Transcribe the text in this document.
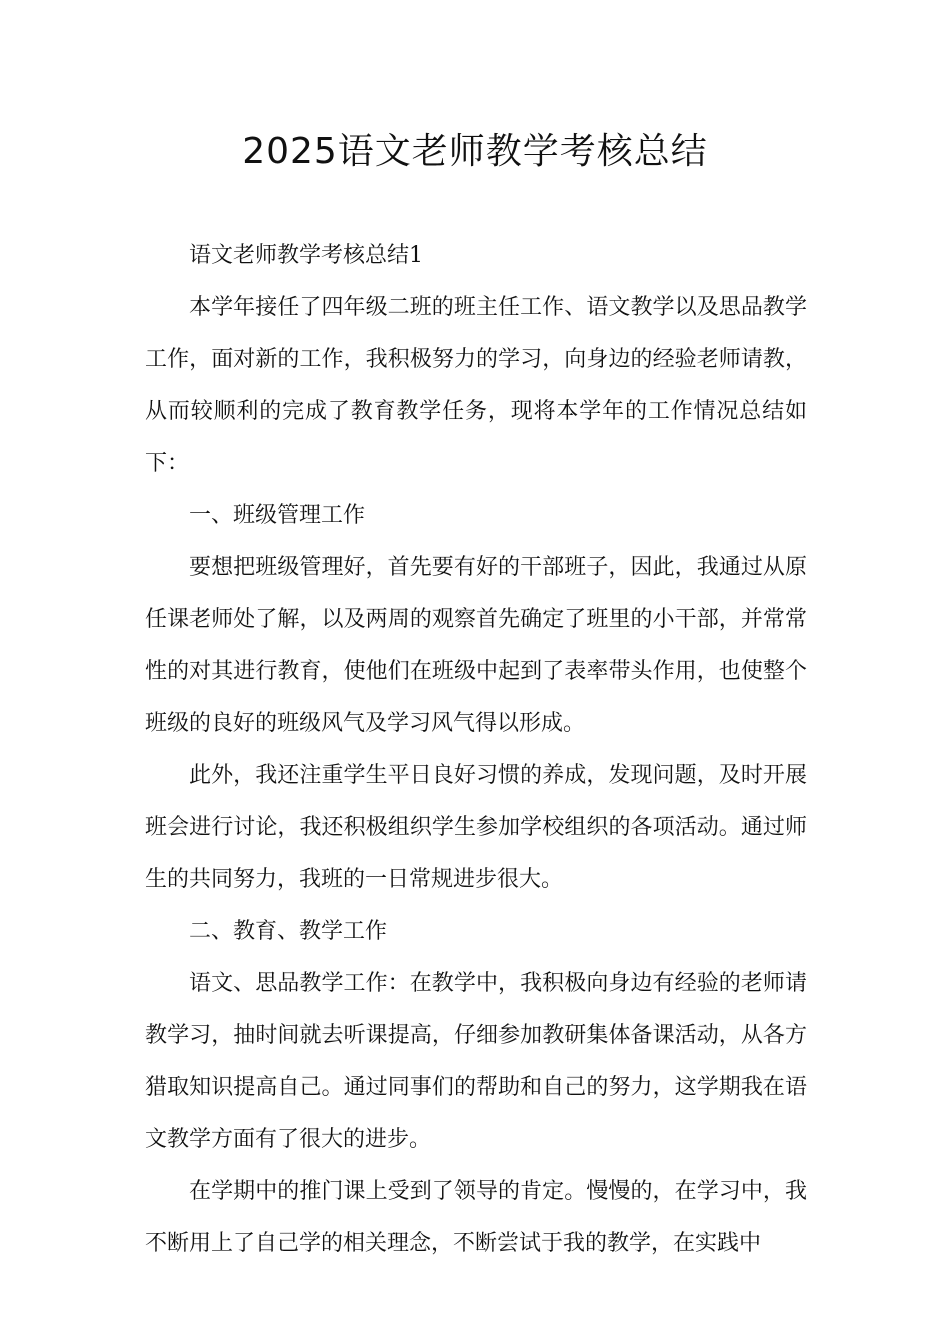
2025语文老师教学考核总结

语文老师教学考核总结1

本学年接任了四年级二班的班主任工作、语文教学以及思品教学工作，面对新的工作，我积极努力的学习，向身边的经验老师请教，从而较顺利的完成了教育教学任务，现将本学年的工作情况总结如下：

一、班级管理工作

要想把班级管理好，首先要有好的干部班子，因此，我通过从原任课老师处了解，以及两周的观察首先确定了班里的小干部，并常常性的对其进行教育，使他们在班级中起到了表率带头作用，也使整个班级的良好的班级风气及学习风气得以形成。

此外，我还注重学生平日良好习惯的养成，发现问题，及时开展班会进行讨论，我还积极组织学生参加学校组织的各项活动。通过师生的共同努力，我班的一日常规进步很大。

二、教育、教学工作

语文、思品教学工作：在教学中，我积极向身边有经验的老师请教学习，抽时间就去听课提高，仔细参加教研集体备课活动，从各方猎取知识提高自己。通过同事们的帮助和自己的努力，这学期我在语文教学方面有了很大的进步。

在学期中的推门课上受到了领导的肯定。慢慢的，在学习中，我不断用上了自己学的相关理念，不断尝试于我的教学，在实践中
